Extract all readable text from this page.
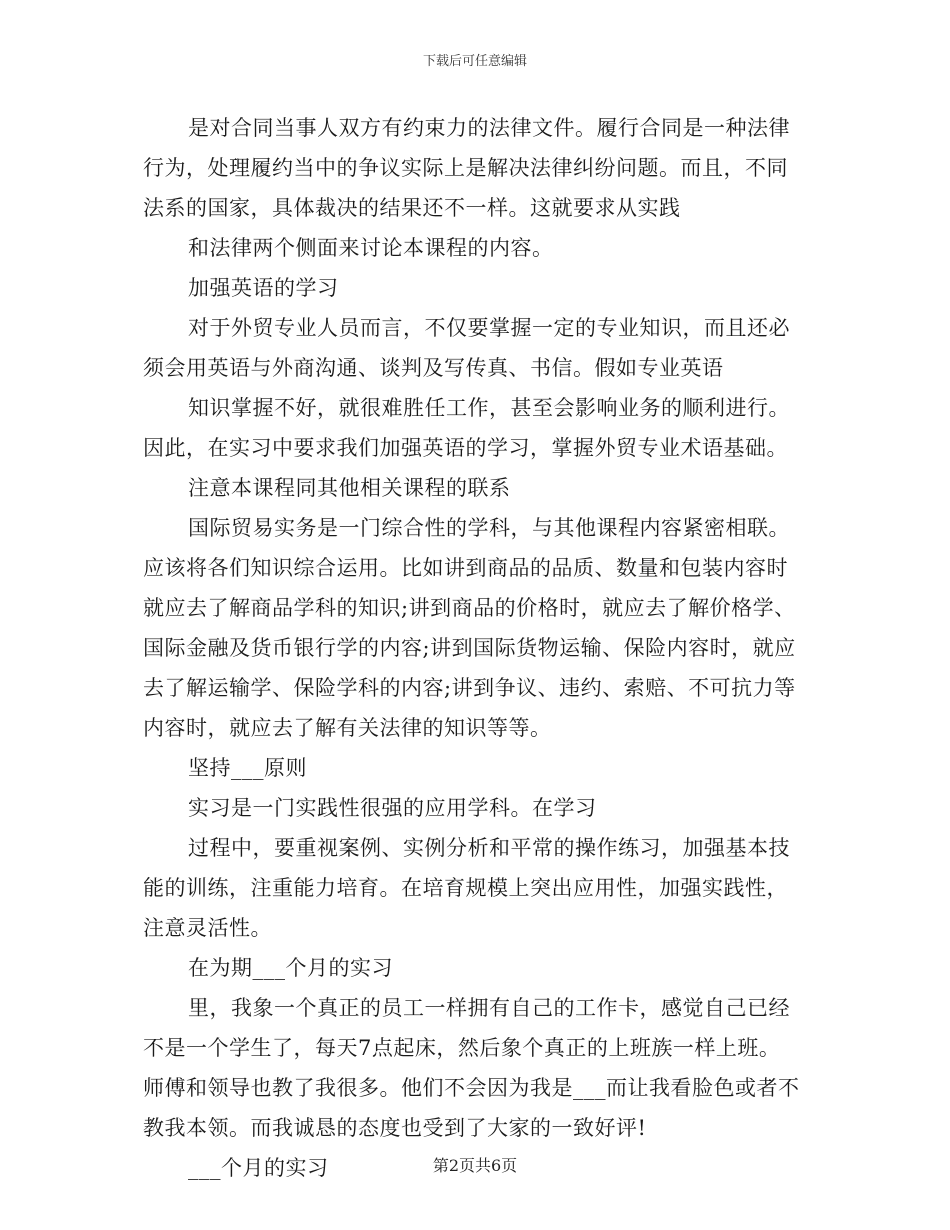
下载后可任意编辑
是对合同当事人双方有约束力的法律文件。履行合同是一种法律
行为，处理履约当中的争议实际上是解决法律纠纷问题。而且，不同
法系的国家，具体裁决的结果还不一样。这就要求从实践
和法律两个侧面来讨论本课程的内容。
加强英语的学习
对于外贸专业人员而言，不仅要掌握一定的专业知识，而且还必
须会用英语与外商沟通、谈判及写传真、书信。假如专业英语
知识掌握不好，就很难胜任工作，甚至会影响业务的顺利进行。
因此，在实习中要求我们加强英语的学习，掌握外贸专业术语基础。
注意本课程同其他相关课程的联系
国际贸易实务是一门综合性的学科，与其他课程内容紧密相联。
应该将各们知识综合运用。比如讲到商品的品质、数量和包装内容时
就应去了解商品学科的知识;讲到商品的价格时，就应去了解价格学、
国际金融及货币银行学的内容;讲到国际货物运输、保险内容时，就应
去了解运输学、保险学科的内容;讲到争议、违约、索赔、不可抗力等
内容时，就应去了解有关法律的知识等等。
坚持___原则
实习是一门实践性很强的应用学科。在学习
过程中，要重视案例、实例分析和平常的操作练习，加强基本技
能的训练，注重能力培育。在培育规模上突出应用性，加强实践性，
注意灵活性。
在为期___个月的实习
里，我象一个真正的员工一样拥有自己的工作卡，感觉自己已经
不是一个学生了，每天7点起床，然后象个真正的上班族一样上班。
师傅和领导也教了我很多。他们不会因为我是___而让我看脸色或者不
教我本领。而我诚恳的态度也受到了大家的一致好评!
___个月的实习	第2页共6页
